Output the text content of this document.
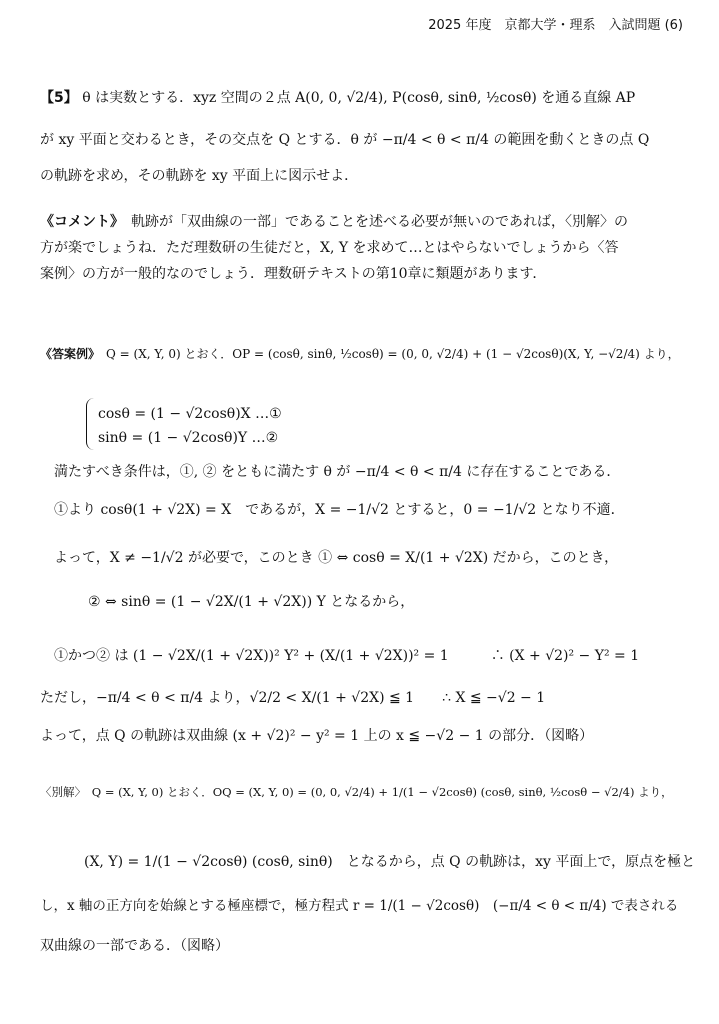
2025 年度　京都大学・理系　入試問題 (6)
【5】 θ は実数とする．xyz 空間の２点 A(0, 0, √2/4), P(cosθ, sinθ, ½cosθ) を通る直線 AP
が xy 平面と交わるとき，その交点を Q とする．θ が −π/4 < θ < π/4 の範囲を動くときの点 Q
の軌跡を求め，その軌跡を xy 平面上に図示せよ．
《コメント》　軌跡が「双曲線の一部」であることを述べる必要が無いのであれば，〈別解〉の
方が楽でしょうね．ただ理数研の生徒だと，X, Y を求めて…とはやらないでしょうから〈答
案例〉の方が一般的なのでしょう．理数研テキストの第10章に類題があります．
《答案例》　Q = (X, Y, 0) とおく．OP = (cosθ, sinθ, ½cosθ) = (0, 0, √2/4) + (1 − √2cosθ)(X, Y, −√2/4) より，
cosθ = (1 − √2cosθ)X …①
sinθ = (1 − √2cosθ)Y …②
満たすべき条件は，①, ② をともに満たす θ が −π/4 < θ < π/4 に存在することである．
①より cosθ(1 + √2X) = X　であるが，X = −1/√2 とすると，0 = −1/√2 となり不適．
よって，X ≠ −1/√2 が必要で，このとき ① ⇔ cosθ = X/(1 + √2X) だから，このとき，
② ⇔ sinθ = (1 − √2X/(1 + √2X)) Y となるから，
①かつ② は (1 − √2X/(1 + √2X))² Y² + (X/(1 + √2X))² = 1　　　∴ (X + √2)² − Y² = 1
ただし，−π/4 < θ < π/4 より，√2/2 < X/(1 + √2X) ≦ 1　　∴ X ≦ −√2 − 1
よって，点 Q の軌跡は双曲線 (x + √2)² − y² = 1 上の x ≦ −√2 − 1 の部分．（図略）
〈別解〉　Q = (X, Y, 0) とおく．OQ = (X, Y, 0) = (0, 0, √2/4) + 1/(1 − √2cosθ) (cosθ, sinθ, ½cosθ − √2/4) より，
(X, Y) = 1/(1 − √2cosθ) (cosθ, sinθ)　となるから，点 Q の軌跡は，xy 平面上で，原点を極と
し，x 軸の正方向を始線とする極座標で，極方程式 r = 1/(1 − √2cosθ)　(−π/4 < θ < π/4) で表される
双曲線の一部である．（図略）
